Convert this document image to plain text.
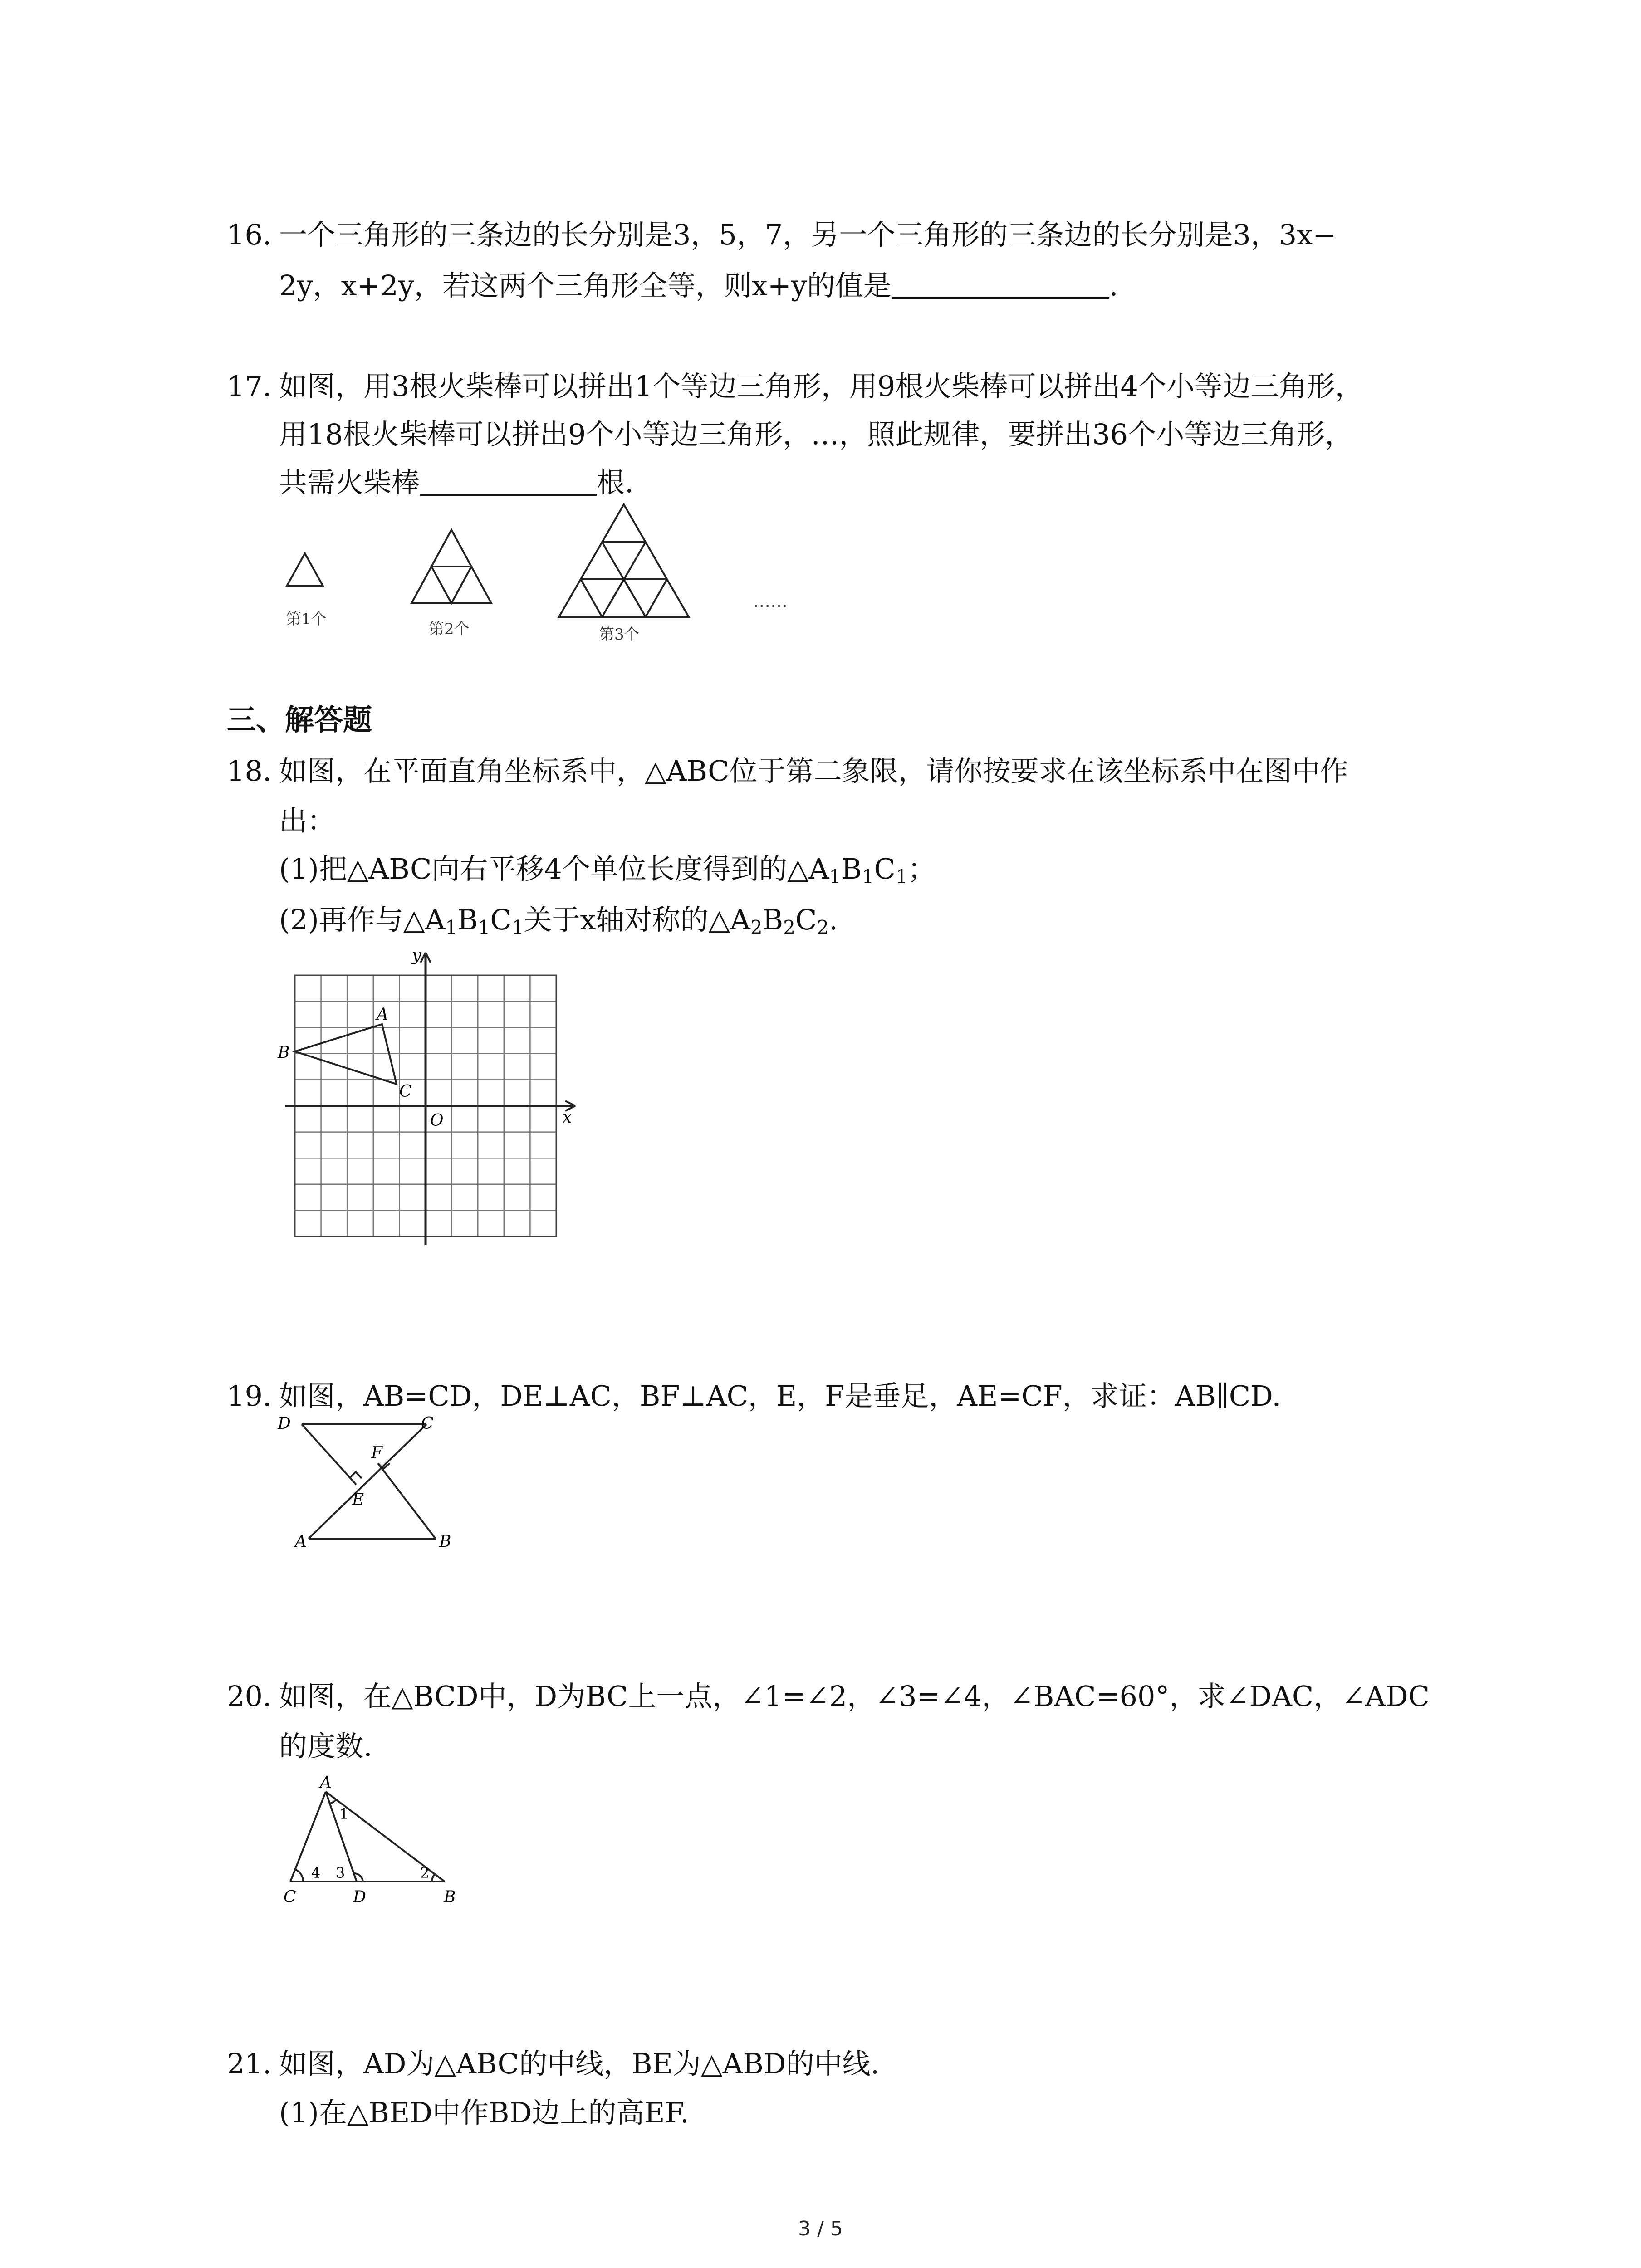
16. 一个三角形的三条边的长分别是3，5，7，另一个三角形的三条边的长分别是3，3x−
2y，x+2y，若这两个三角形全等，则x+y的值是	.
17. 如图，用3根火柴棒可以拼出1个等边三角形，用9根火柴棒可以拼出4个小等边三角形，
用18根火柴棒可以拼出9个小等边三角形，…，照此规律，要拼出36个小等边三角形，
共需火柴棒	根.
第1个
第2个	第3个
……
三、解答题
18. 如图，在平面直角坐标系中，△ABC位于第二象限，请你按要求在该坐标系中在图中作
出：
(1)把△ABC向右平移4个单位长度得到的$\triangle A_1B_1C_1$；
(2)再作与$\triangle A_1B_1C_1$关于x轴对称的$\triangle A_2B_2C_2$.
y
x
O
A
B
C
19. 如图，AB=CD，DE⊥AC，BF⊥AC，E，F是垂足，AE=CF，求证：AB∥CD.
D	C
F
E
A	B
20. 如图，在△BCD中，D为BC上一点，∠1=∠2，∠3=∠4，∠BAC=60°，求∠DAC，∠ADC
的度数.
A
C	D	B
1
2
3
4
21. 如图，AD为△ABC的中线，BE为△ABD的中线.
(1)在△BED中作BD边上的高EF.
3 / 5
